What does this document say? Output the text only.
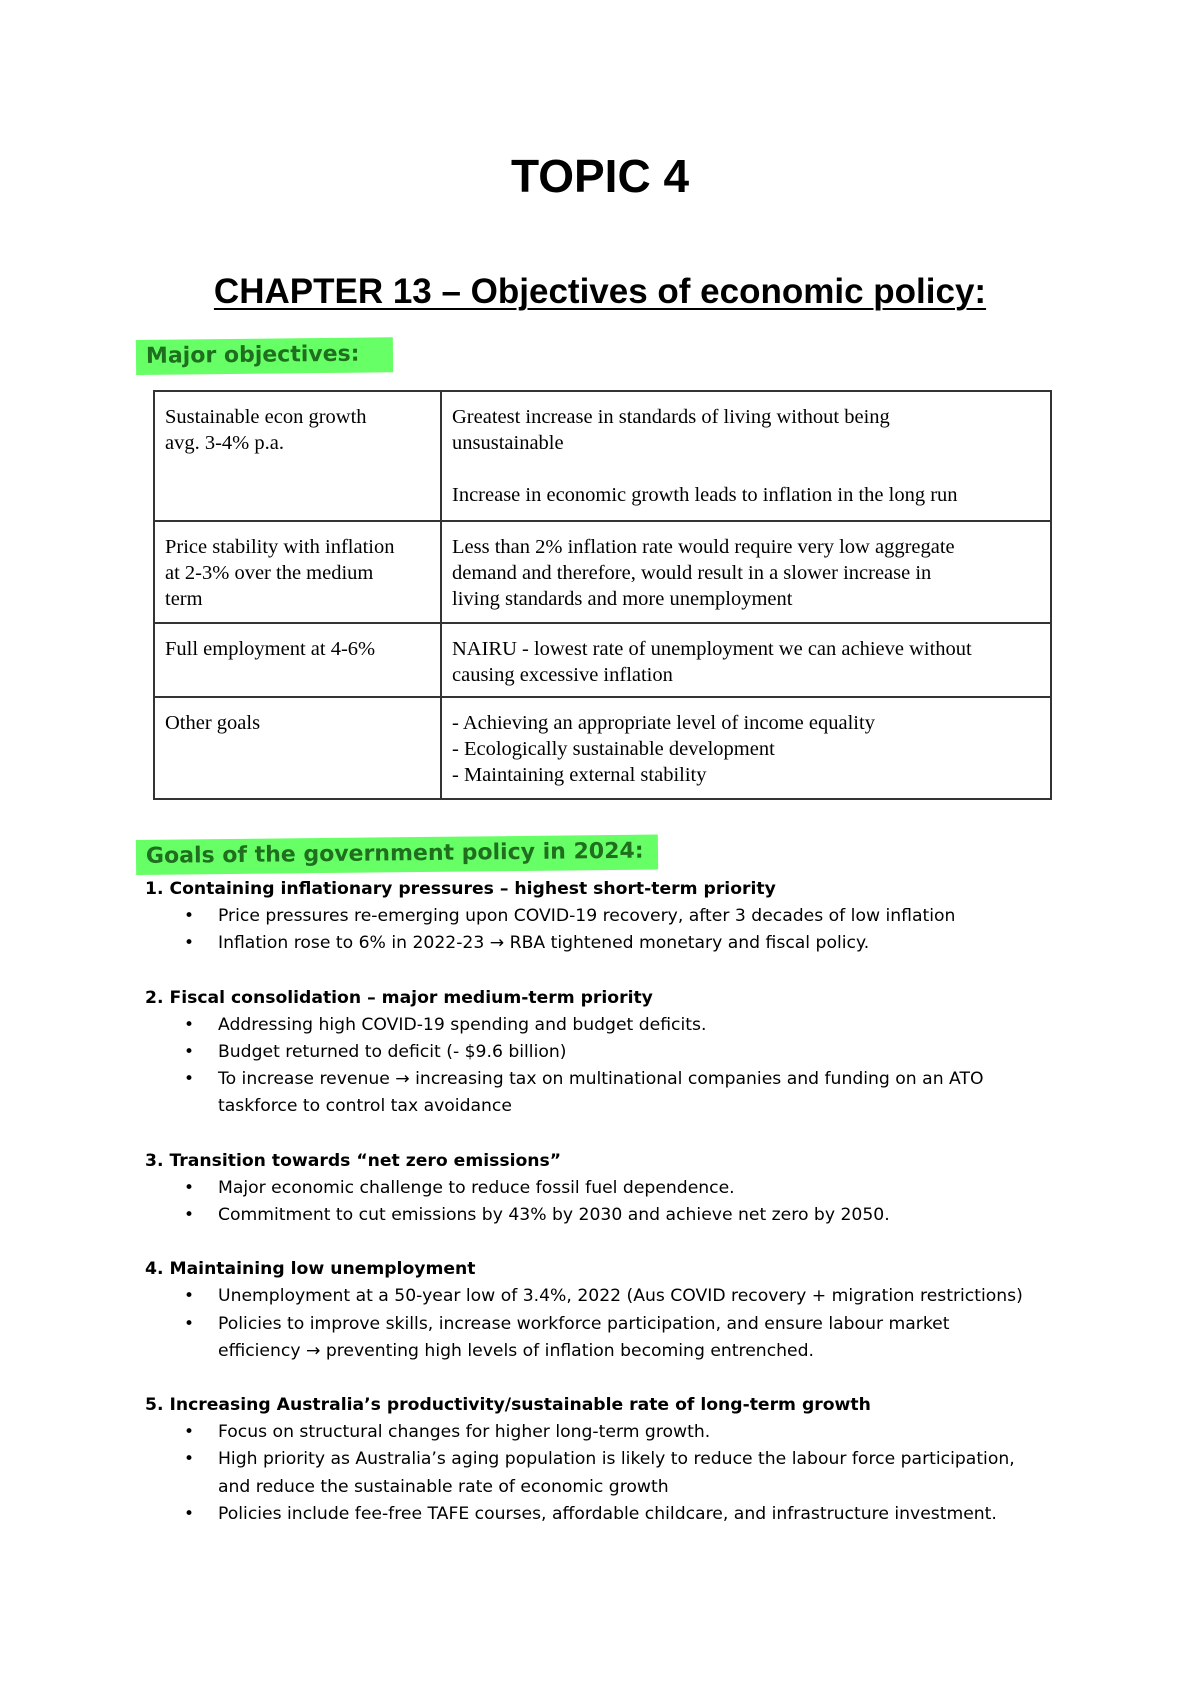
TOPIC 4
CHAPTER 13 – Objectives of economic policy:
Major objectives:
Sustainable econ growth
avg. 3-4% p.a.	Greatest increase in standards of living without being
unsustainable
Increase in economic growth leads to inflation in the long run

Price stability with inflation
at 2-3% over the medium
term	Less than 2% inflation rate would require very low aggregate
demand and therefore, would result in a slower increase in
living standards and more unemployment

Full employment at 4-6%	NAIRU - lowest rate of unemployment we can achieve without
causing excessive inflation

Other goals	- Achieving an appropriate level of income equality
- Ecologically sustainable development
- Maintaining external stability
Goals of the government policy in 2024:

1. Containing inflationary pressures – highest short-term priority

• Price pressures re-emerging upon COVID-19 recovery, after 3 decades of low inflation
• Inflation rose to 6% in 2022-23 → RBA tightened monetary and fiscal policy.

2. Fiscal consolidation – major medium-term priority

• Addressing high COVID-19 spending and budget deficits.
• Budget returned to deficit (- $9.6 billion)
• To increase revenue → increasing tax on multinational companies and funding on an ATO
taskforce to control tax avoidance

3. Transition towards “net zero emissions”

• Major economic challenge to reduce fossil fuel dependence.
• Commitment to cut emissions by 43% by 2030 and achieve net zero by 2050.

4. Maintaining low unemployment

• Unemployment at a 50-year low of 3.4%, 2022 (Aus COVID recovery + migration restrictions)
• Policies to improve skills, increase workforce participation, and ensure labour market
efficiency → preventing high levels of inflation becoming entrenched.

5. Increasing Australia’s productivity/sustainable rate of long-term growth

• Focus on structural changes for higher long-term growth.
• High priority as Australia’s aging population is likely to reduce the labour force participation,
and reduce the sustainable rate of economic growth
• Policies include fee-free TAFE courses, affordable childcare, and infrastructure investment.
